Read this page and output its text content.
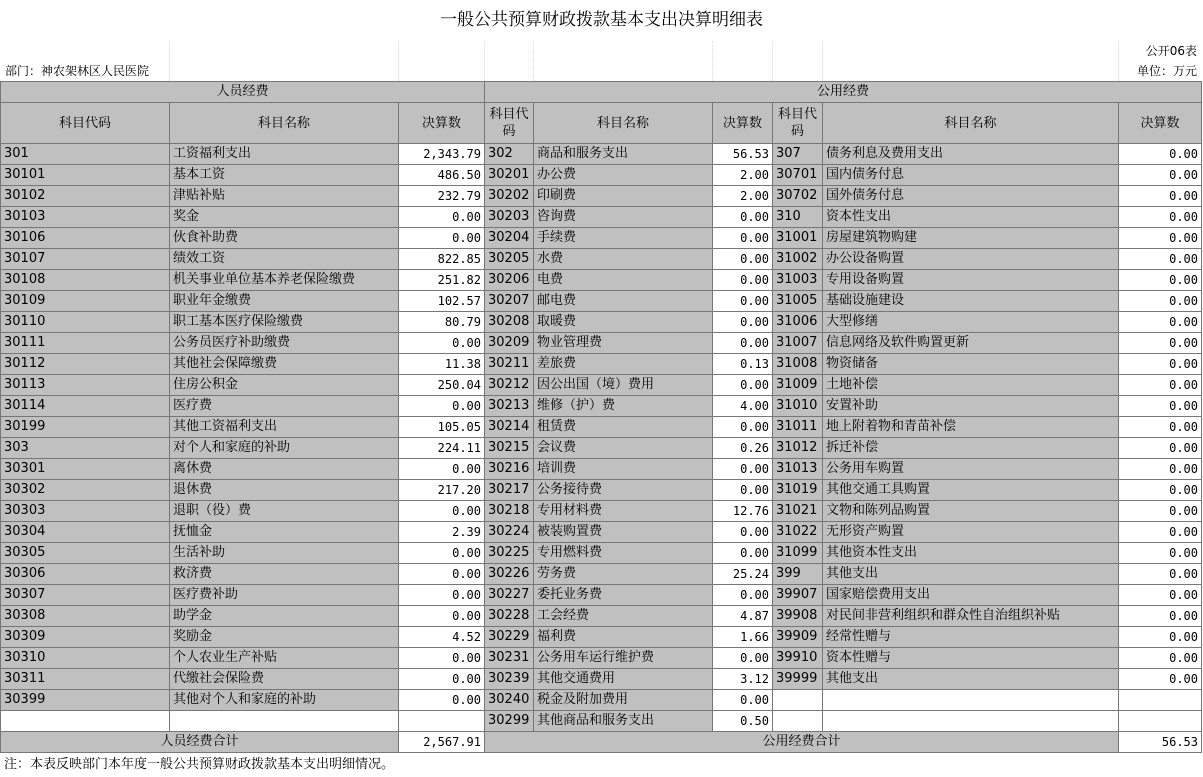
一般公共预算财政拨款基本支出决算明细表
公开06表
部门：神农架林区人民医院	单位：万元
人员经费			公用经费					
科目代码	科目名称	决算数	科目代码	科目名称	决算数	科目代码	科目名称	决算数
301	工资福利支出	2,343.79	302	商品和服务支出	56.53	307	债务利息及费用支出	0.00
30101	基本工资	486.50	30201	办公费	2.00	30701	国内债务付息	0.00
30102	津贴补贴	232.79	30202	印刷费	2.00	30702	国外债务付息	0.00
30103	奖金	0.00	30203	咨询费	0.00	310	资本性支出	0.00
30106	伙食补助费	0.00	30204	手续费	0.00	31001	房屋建筑物购建	0.00
30107	绩效工资	822.85	30205	水费	0.00	31002	办公设备购置	0.00
30108	机关事业单位基本养老保险缴费	251.82	30206	电费	0.00	31003	专用设备购置	0.00
30109	职业年金缴费	102.57	30207	邮电费	0.00	31005	基础设施建设	0.00
30110	职工基本医疗保险缴费	80.79	30208	取暖费	0.00	31006	大型修缮	0.00
30111	公务员医疗补助缴费	0.00	30209	物业管理费	0.00	31007	信息网络及软件购置更新	0.00
30112	其他社会保障缴费	11.38	30211	差旅费	0.13	31008	物资储备	0.00
30113	住房公积金	250.04	30212	因公出国（境）费用	0.00	31009	土地补偿	0.00
30114	医疗费	0.00	30213	维修（护）费	4.00	31010	安置补助	0.00
30199	其他工资福利支出	105.05	30214	租赁费	0.00	31011	地上附着物和青苗补偿	0.00
303	对个人和家庭的补助	224.11	30215	会议费	0.26	31012	拆迁补偿	0.00
30301	离休费	0.00	30216	培训费	0.00	31013	公务用车购置	0.00
30302	退休费	217.20	30217	公务接待费	0.00	31019	其他交通工具购置	0.00
30303	退职（役）费	0.00	30218	专用材料费	12.76	31021	文物和陈列品购置	0.00
30304	抚恤金	2.39	30224	被装购置费	0.00	31022	无形资产购置	0.00
30305	生活补助	0.00	30225	专用燃料费	0.00	31099	其他资本性支出	0.00
30306	救济费	0.00	30226	劳务费	25.24	399	其他支出	0.00
30307	医疗费补助	0.00	30227	委托业务费	0.00	39907	国家赔偿费用支出	0.00
30308	助学金	0.00	30228	工会经费	4.87	39908	对民间非营利组织和群众性自治组织补贴	0.00
30309	奖励金	4.52	30229	福利费	1.66	39909	经常性赠与	0.00
30310	个人农业生产补贴	0.00	30231	公务用车运行维护费	0.00	39910	资本性赠与	0.00
30311	代缴社会保险费	0.00	30239	其他交通费用	3.12	39999	其他支出	0.00
30399	其他对个人和家庭的补助	0.00	30240	税金及附加费用	0.00			
			30299	其他商品和服务支出	0.50			
人员经费合计		2,567.91	公用经费合计					56.53
注：本表反映部门本年度一般公共预算财政拨款基本支出明细情况。
